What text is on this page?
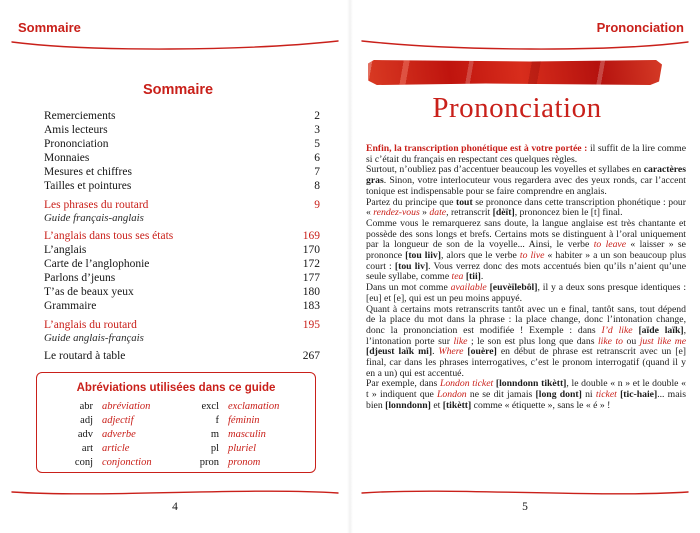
Sommaire
Sommaire
Remerciements	2
Amis lecteurs	3
Prononciation	5
Monnaies	6
Mesures et chiffres	7
Tailles et pointures	8
Les phrases du routard	9
Guide français-anglais
L’anglais dans tous ses états	169
L’anglais	170
Carte de l’anglophonie	172
Parlons d’jeuns	177
T’as de beaux yeux	180
Grammaire	183
L’anglais du routard	195
Guide anglais-français
Le routard à table	267
Abréviations utilisées dans ce guide
abr abréviation
adj adjectif
adv adverbe
art article
conj conjonction
excl exclamation
f féminin
m masculin
pl pluriel
pron pronom
4
Prononciation
Prononciation

Enfin, la transcription phonétique est à votre portée : il suffit de la lire comme si c’était du français en respectant ces quelques règles.

Surtout, n’oubliez pas d’accentuer beaucoup les voyelles et syllabes en caractères gras. Sinon, votre interlocuteur vous regardera avec des yeux ronds, car l’accent tonique est indispensable pour se faire comprendre en anglais.

Partez du principe que tout se prononce dans cette transcription phonétique : pour « rendez-vous » date, retranscrit [dèït], prononcez bien le [t] final.

Comme vous le remarquerez sans doute, la langue anglaise est très chantante et possède des sons longs et brefs. Certains mots se distinguent à l’oral uniquement par la longueur de son de la voyelle... Ainsi, le verbe to leave « laisser » se prononce [tou liiv], alors que le verbe to live « habiter » a un son beaucoup plus court : [tou liv]. Vous verrez donc des mots accentués bien qu’ils n’aient qu’une seule syllabe, comme tea [tii].

Dans un mot comme available [euvèïlebôl], il y a deux sons presque identiques : [eu] et [e], qui est un peu moins appuyé.

Quant à certains mots retranscrits tantôt avec un e final, tantôt sans, tout dépend de la place du mot dans la phrase : la place change, donc l’intonation change, donc la prononciation est modifiée ! Exemple : dans I’d like [aïde laïk], l’intonation porte sur like ; le son est plus long que dans like to ou just like me [djeust laïk mi]. Where [ouère] en début de phrase est retranscrit avec un [e] final, car dans les phrases interrogatives, c’est le pronom interrogatif (quand il y en a un) qui est accentué.

Par exemple, dans London ticket [lonndonn tikètt], le double « n » et le double « t » indiquent que London ne se dit jamais [long dont] ni ticket [tic-haie]... mais bien [lonndonn] et [tikètt] comme « étiquette », sans le « é » !

5
